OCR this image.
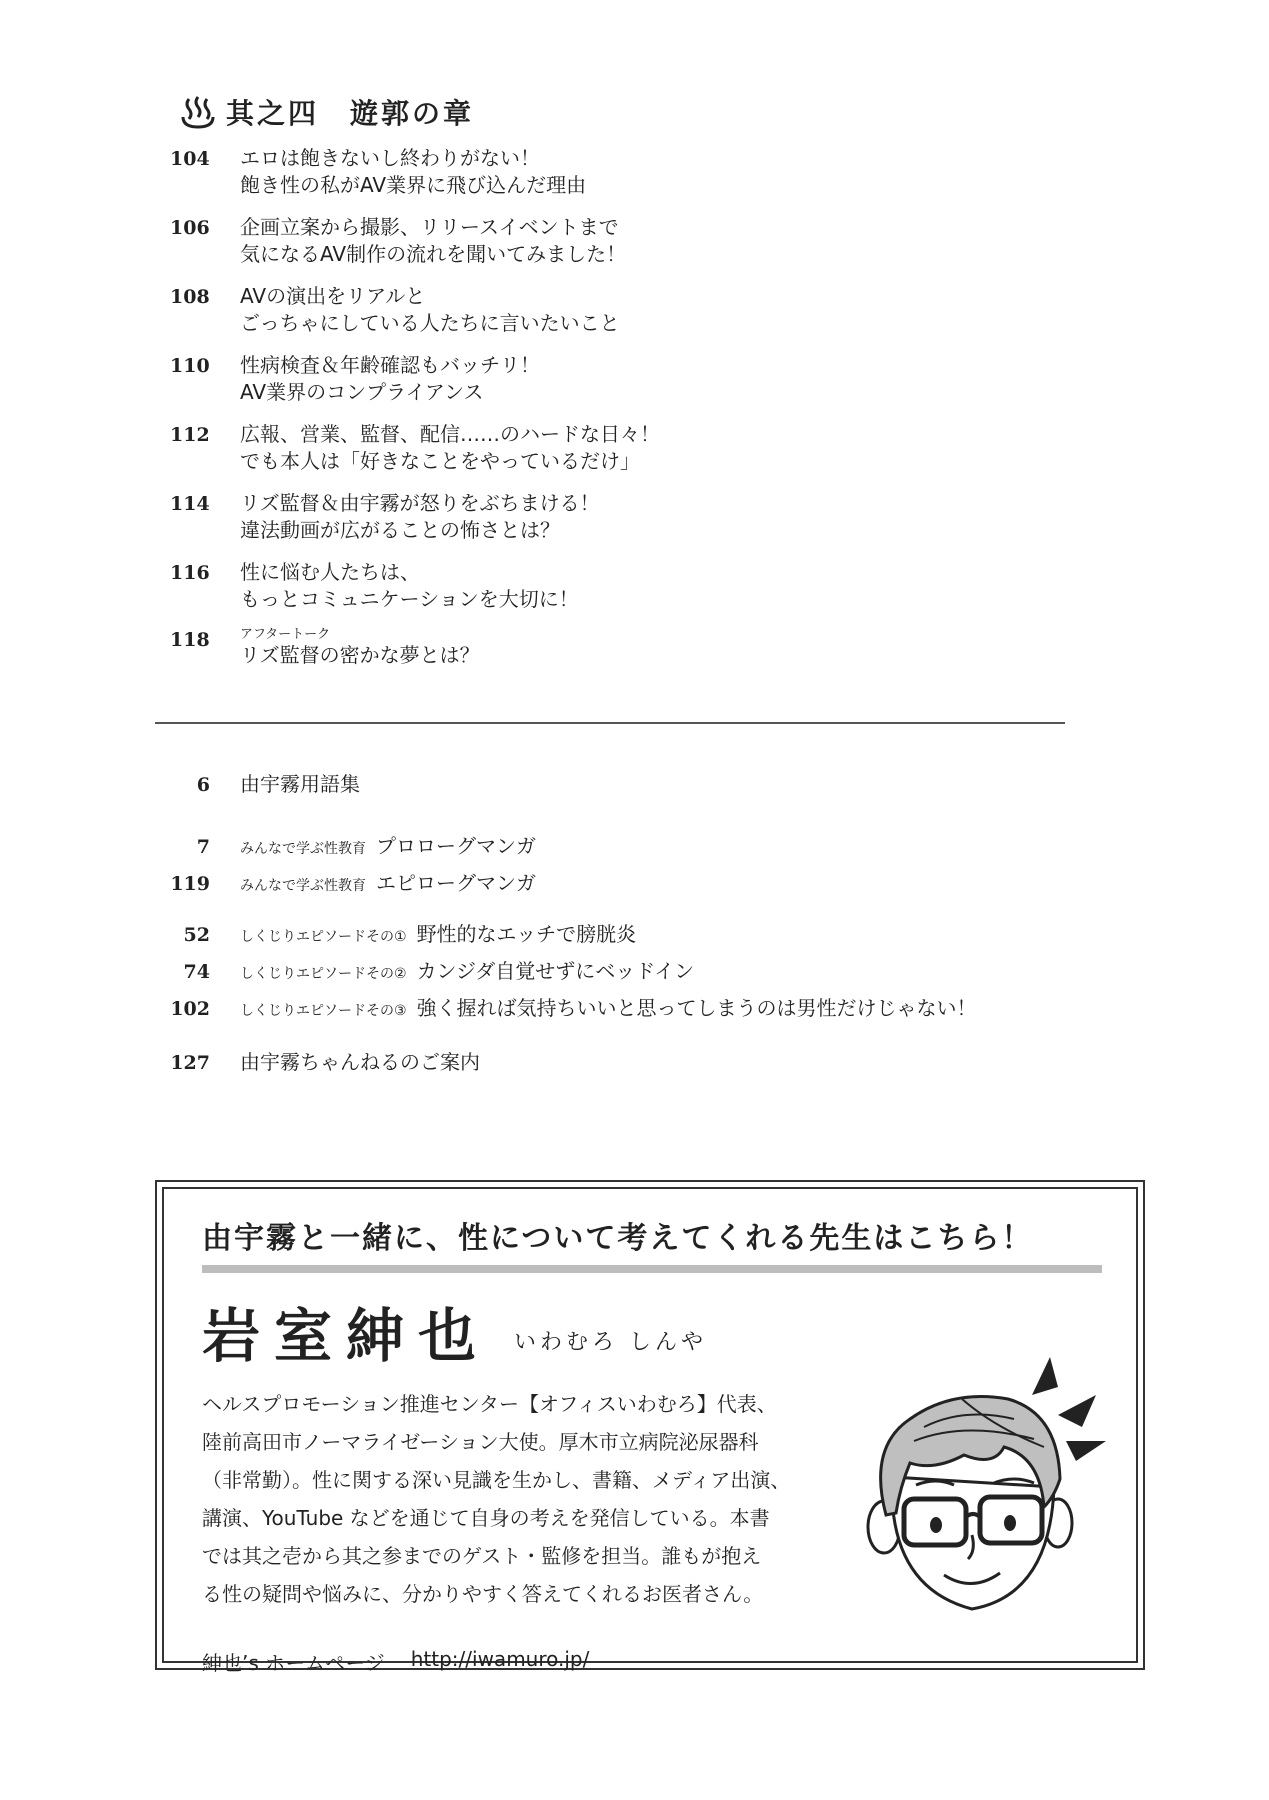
其之四　遊郭の章
104	エロは飽きないし終わりがない！
飽き性の私がAV業界に飛び込んだ理由
106	企画立案から撮影、リリースイベントまで
気になるAV制作の流れを聞いてみました！
108	AVの演出をリアルと
ごっちゃにしている人たちに言いたいこと
110	性病検査＆年齢確認もバッチリ！
AV業界のコンプライアンス
112	広報、営業、監督、配信……のハードな日々！
でも本人は「好きなことをやっているだけ」
114	リズ監督＆由宇霧が怒りをぶちまける！
違法動画が広がることの怖さとは？
116	性に悩む人たちは、
もっとコミュニケーションを大切に！
118	アフタートーク
リズ監督の密かな夢とは？
6	由宇霧用語集
7	みんなで学ぶ性教育 プロローグマンガ
119	みんなで学ぶ性教育 エピローグマンガ
52	しくじりエピソードその① 野性的なエッチで膀胱炎
74	しくじりエピソードその② カンジダ自覚せずにベッドイン
102	しくじりエピソードその③ 強く握れば気持ちいいと思ってしまうのは男性だけじゃない！
127	由宇霧ちゃんねるのご案内
由宇霧と一緒に、性について考えてくれる先生はこちら！
岩室紳也 いわむろ しんや
ヘルスプロモーション推進センター【オフィスいわむろ】代表、
陸前高田市ノーマライゼーション大使。厚木市立病院泌尿器科
（非常勤）。性に関する深い見識を生かし、書籍、メディア出演、
講演、YouTube などを通じて自身の考えを発信している。本書
では其之壱から其之参までのゲスト・監修を担当。誰もが抱え
る性の疑問や悩みに、分かりやすく答えてくれるお医者さん。
紳也’s ホームページ http://iwamuro.jp/
